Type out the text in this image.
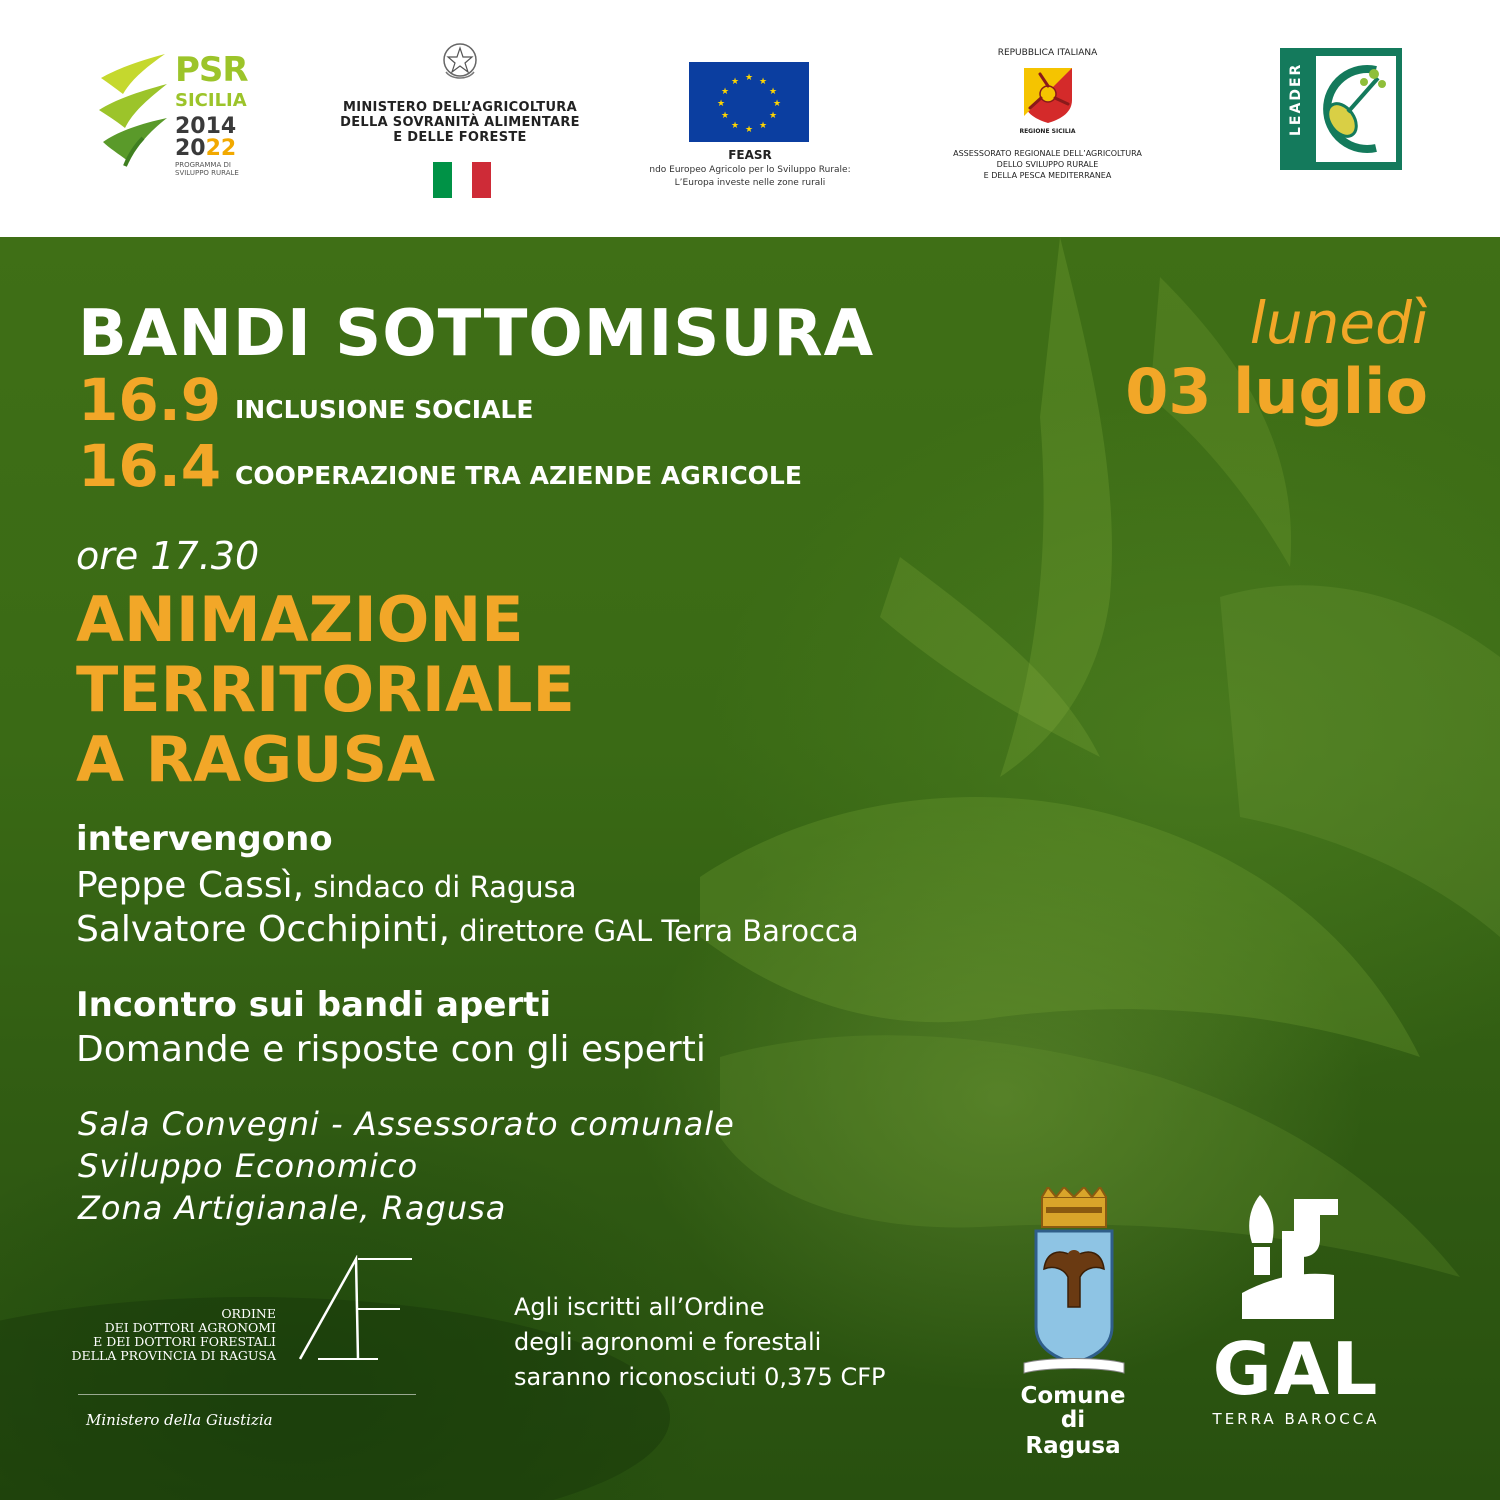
PSR
SICILIA
2014
2022
PROGRAMMA DI SVILUPPO RURALE
MINISTERO DELL’AGRICOLTURA
DELLA SOVRANITÀ ALIMENTARE
E DELLE FORESTE
★ ★
★
★
★
★
★
★
★
★
★
★
FEASR
ndo Europeo Agricolo per lo Sviluppo Rurale:
L’Europa investe nelle zone rurali
REPUBBLICA ITALIANA
REGIONE SICILIA
ASSESSORATO REGIONALE DELL’AGRICOLTURA
DELLO SVILUPPO RURALE
E DELLA PESCA MEDITERRANEA
LEADER
BANDI SOTTOMISURA
16.9 INCLUSIONE SOCIALE
16.4 COOPERAZIONE TRA AZIENDE AGRICOLE
lunedì
03 luglio
ore 17.30
ANIMAZIONE
TERRITORIALE
A RAGUSA
intervengono
Peppe Cassì, sindaco di Ragusa
Salvatore Occhipinti, direttore GAL Terra Barocca
Incontro sui bandi aperti
Domande e risposte con gli esperti
Sala Convegni - Assessorato comunale
Sviluppo Economico
Zona Artigianale, Ragusa
ORDINE
DEI DOTTORI AGRONOMI
E DEI DOTTORI FORESTALI
DELLA PROVINCIA DI RAGUSA
Ministero della Giustizia
Agli iscritti all’Ordine
degli agronomi e forestali
saranno riconosciuti 0,375 CFP
Comune
di Ragusa
GAL
TERRA BAROCCA
